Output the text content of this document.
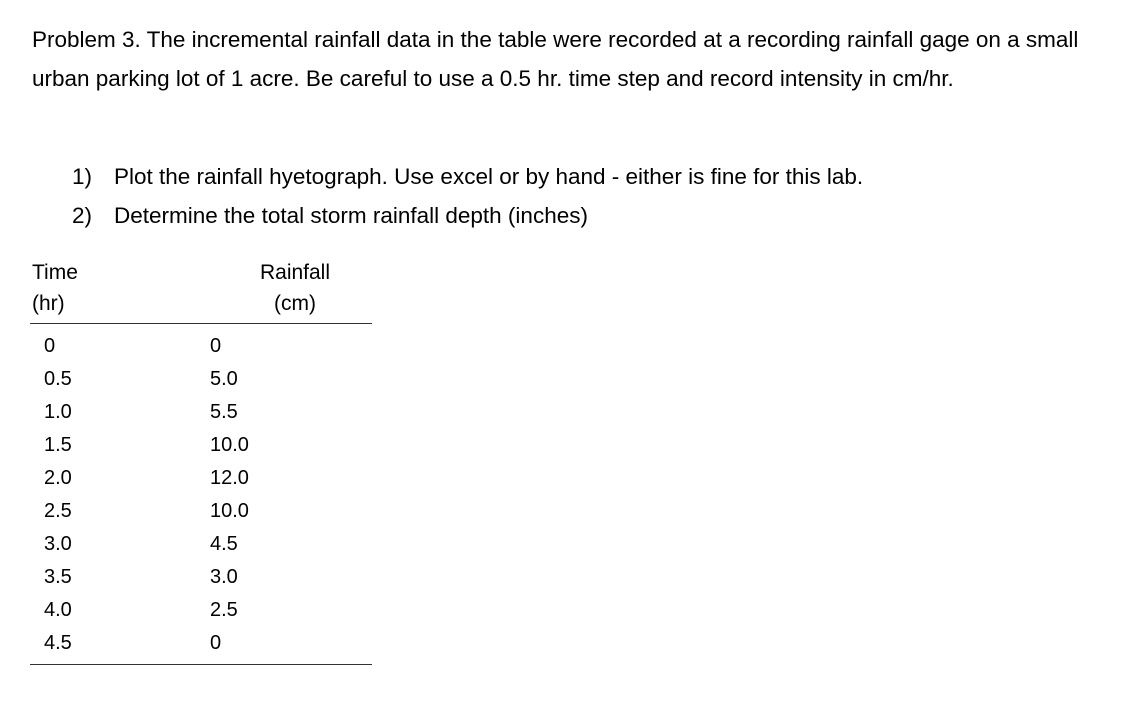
Problem 3. The incremental rainfall data in the table were recorded at a recording rainfall gage on a small urban parking lot of 1 acre. Be careful to use a 0.5 hr. time step and record intensity in cm/hr.

1) Plot the rainfall hyetograph. Use excel or by hand - either is fine for this lab.
2) Determine the total storm rainfall depth (inches)
Time
(hr)
Rainfall
(cm)
0	0
0.5	5.0
1.0	5.5
1.5	10.0
2.0	12.0
2.5	10.0
3.0	4.5
3.5	3.0
4.0	2.5
4.5	0
